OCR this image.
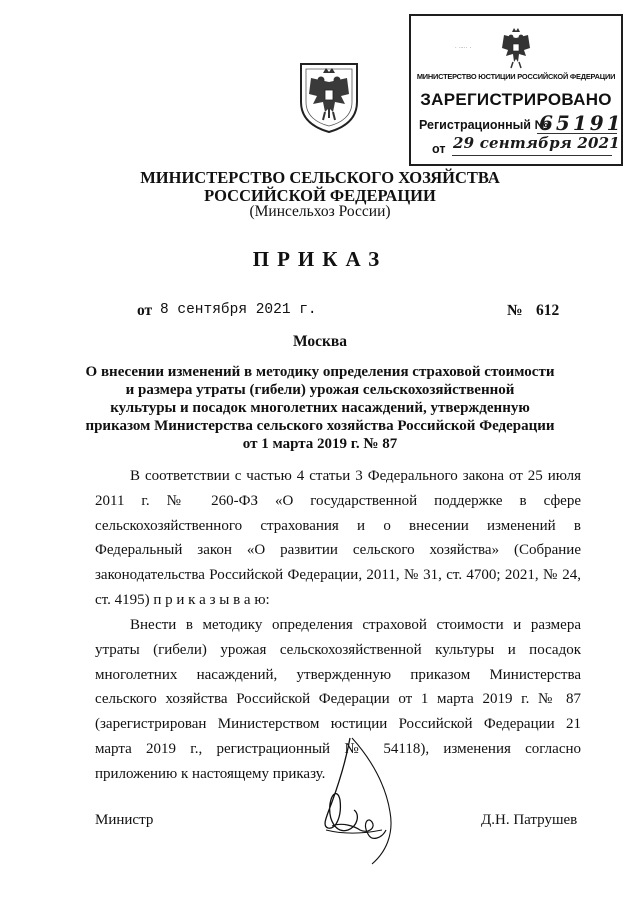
· ·-·· ·
МИНИСТЕРСТВО ЮСТИЦИИ РОССИЙСКОЙ ФЕДЕРАЦИИ
ЗАРЕГИСТРИРОВАНО
Регистрационный №
65191
от 29 сентября 2021
МИНИСТЕРСТВО СЕЛЬСКОГО ХОЗЯЙСТВА
РОССИЙСКОЙ ФЕДЕРАЦИИ
(Минсельхоз России)
ПРИКАЗ
от 8 сентября 2021 г.	№ 612
Москва
О внесении изменений в методику определения страховой стоимости
и размера утраты (гибели) урожая сельскохозяйственной
культуры и посадок многолетних насаждений, утвержденную
приказом Министерства сельского хозяйства Российской Федерации
от 1 марта 2019 г. № 87
В соответствии с частью 4 статьи 3 Федерального закона от 25 июля 2011 г. № 260-ФЗ «О государственной поддержке в сфере сельскохозяйственного страхования и о внесении изменений в Федеральный закон «О развитии сельского хозяйства» (Собрание законодательства Российской Федерации, 2011, № 31, ст. 4700; 2021, № 24, ст. 4195) п р и к а з ы в а ю:
Внести в методику определения страховой стоимости и размера утраты (гибели) урожая сельскохозяйственной культуры и посадок многолетних насаждений, утвержденную приказом Министерства сельского хозяйства Российской Федерации от 1 марта 2019 г. № 87 (зарегистрирован Министерством юстиции Российской Федерации 21 марта 2019 г., регистрационный № 54118), изменения согласно приложению к настоящему приказу.
Министр	Д.Н. Патрушев
